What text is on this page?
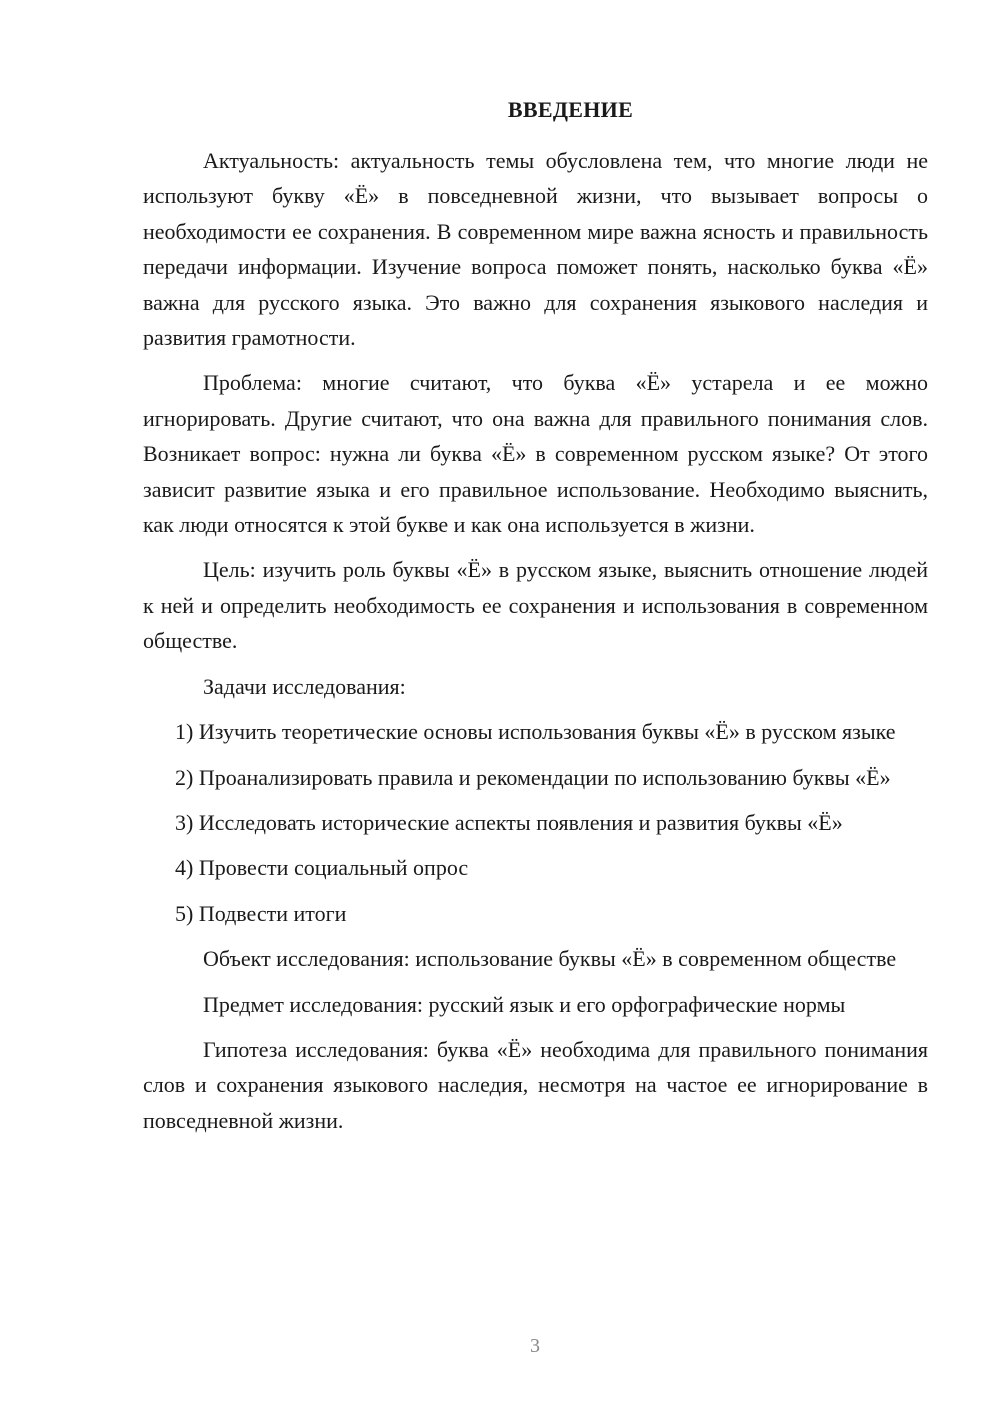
ВВЕДЕНИЕ

Актуальность: актуальность темы обусловлена тем, что многие люди не используют букву «Ё» в повседневной жизни, что вызывает вопросы о необходимости ее сохранения. В современном мире важна ясность и правильность передачи информации. Изучение вопроса поможет понять, насколько буква «Ё» важна для русского языка. Это важно для сохранения языкового наследия и развития грамотности.

Проблема: многие считают, что буква «Ё» устарела и ее можно игнорировать. Другие считают, что она важна для правильного понимания слов. Возникает вопрос: нужна ли буква «Ё» в современном русском языке? От этого зависит развитие языка и его правильное использование. Необходимо выяснить, как люди относятся к этой букве и как она используется в жизни.

Цель: изучить роль буквы «Ё» в русском языке, выяснить отношение людей к ней и определить необходимость ее сохранения и использования в современном обществе.

Задачи исследования:

1) Изучить теоретические основы использования буквы «Ё» в русском языке

2) Проанализировать правила и рекомендации по использованию буквы «Ё»

3) Исследовать исторические аспекты появления и развития буквы «Ё»

4) Провести социальный опрос

5) Подвести итоги

Объект исследования: использование буквы «Ё» в современном обществе

Предмет исследования: русский язык и его орфографические нормы

Гипотеза исследования: буква «Ё» необходима для правильного понимания слов и сохранения языкового наследия, несмотря на частое ее игнорирование в повседневной жизни.

3
